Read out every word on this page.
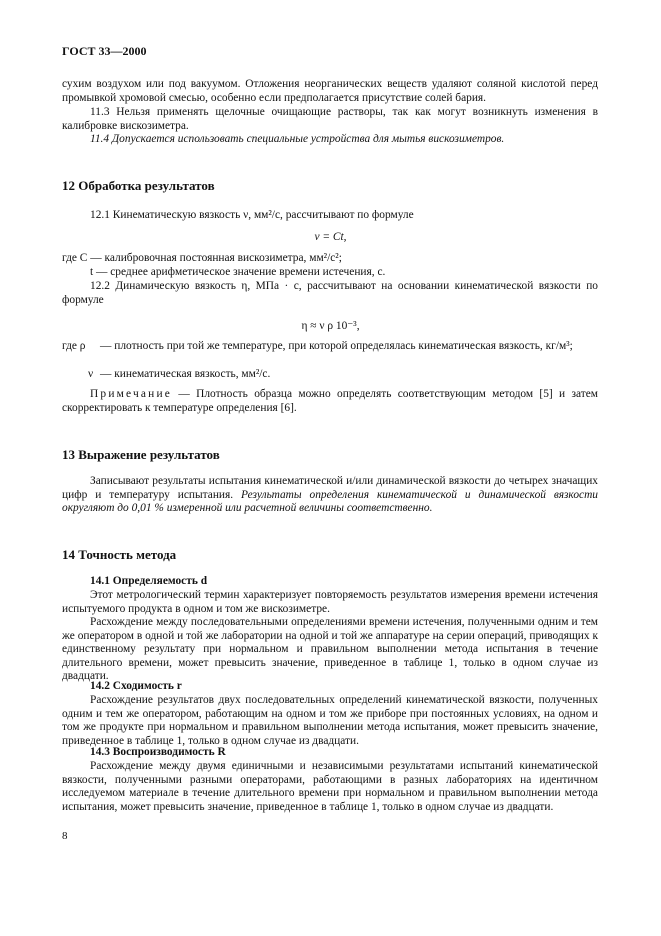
ГОСТ 33—2000

сухим воздухом или под вакуумом. Отложения неорганических веществ удаляют соляной кислотой перед промывкой хромовой смесью, особенно если предполагается присутствие солей бария.

11.3 Нельзя применять щелочные очищающие растворы, так как могут возникнуть изменения в калибровке вискозиметра.

11.4 Допускается использовать специальные устройства для мытья вискозиметров.

12 Обработка результатов

12.1 Кинематическую вязкость ν, мм²/с, рассчитывают по формуле

ν = Ct,

где C — калибровочная постоянная вискозиметра, мм²/с²;

t — среднее арифметическое значение времени истечения, с.

12.2 Динамическую вязкость η, МПа · с, рассчитывают на основании кинематической вязкости по формуле

η ≈ ν ρ 10⁻³,
где ρ — плотность при той же температуре, при которой определялась кинематическая вязкость, кг/м³;

ν — кинематическая вязкость, мм²/с.

Примечание — Плотность образца можно определять соответствующим методом [5] и затем скорректировать к температуре определения [6].

13 Выражение результатов

Записывают результаты испытания кинематической и/или динамической вязкости до четырех значащих цифр и температуру испытания. Результаты определения кинематической и динамической вязкости округляют до 0,01 % измеренной или расчетной величины соответственно.

14 Точность метода

14.1 Определяемость d

Этот метрологический термин характеризует повторяемость результатов измерения времени истечения испытуемого продукта в одном и том же вискозиметре.

Расхождение между последовательными определениями времени истечения, полученными одним и тем же оператором в одной и той же лаборатории на одной и той же аппаратуре на серии операций, приводящих к единственному результату при нормальном и правильном выполнении метода испытания в течение длительного времени, может превысить значение, приведенное в таблице 1, только в одном случае из двадцати.

14.2 Сходимость r

Расхождение результатов двух последовательных определений кинематической вязкости, полученных одним и тем же оператором, работающим на одном и том же приборе при постоянных условиях, на одном и том же продукте при нормальном и правильном выполнении метода испытания, может превысить значение, приведенное в таблице 1, только в одном случае из двадцати.

14.3 Воспроизводимость R

Расхождение между двумя единичными и независимыми результатами испытаний кинематической вязкости, полученными разными операторами, работающими в разных лабораториях на идентичном исследуемом материале в течение длительного времени при нормальном и правильном выполнении метода испытания, может превысить значение, приведенное в таблице 1, только в одном случае из двадцати.

8
